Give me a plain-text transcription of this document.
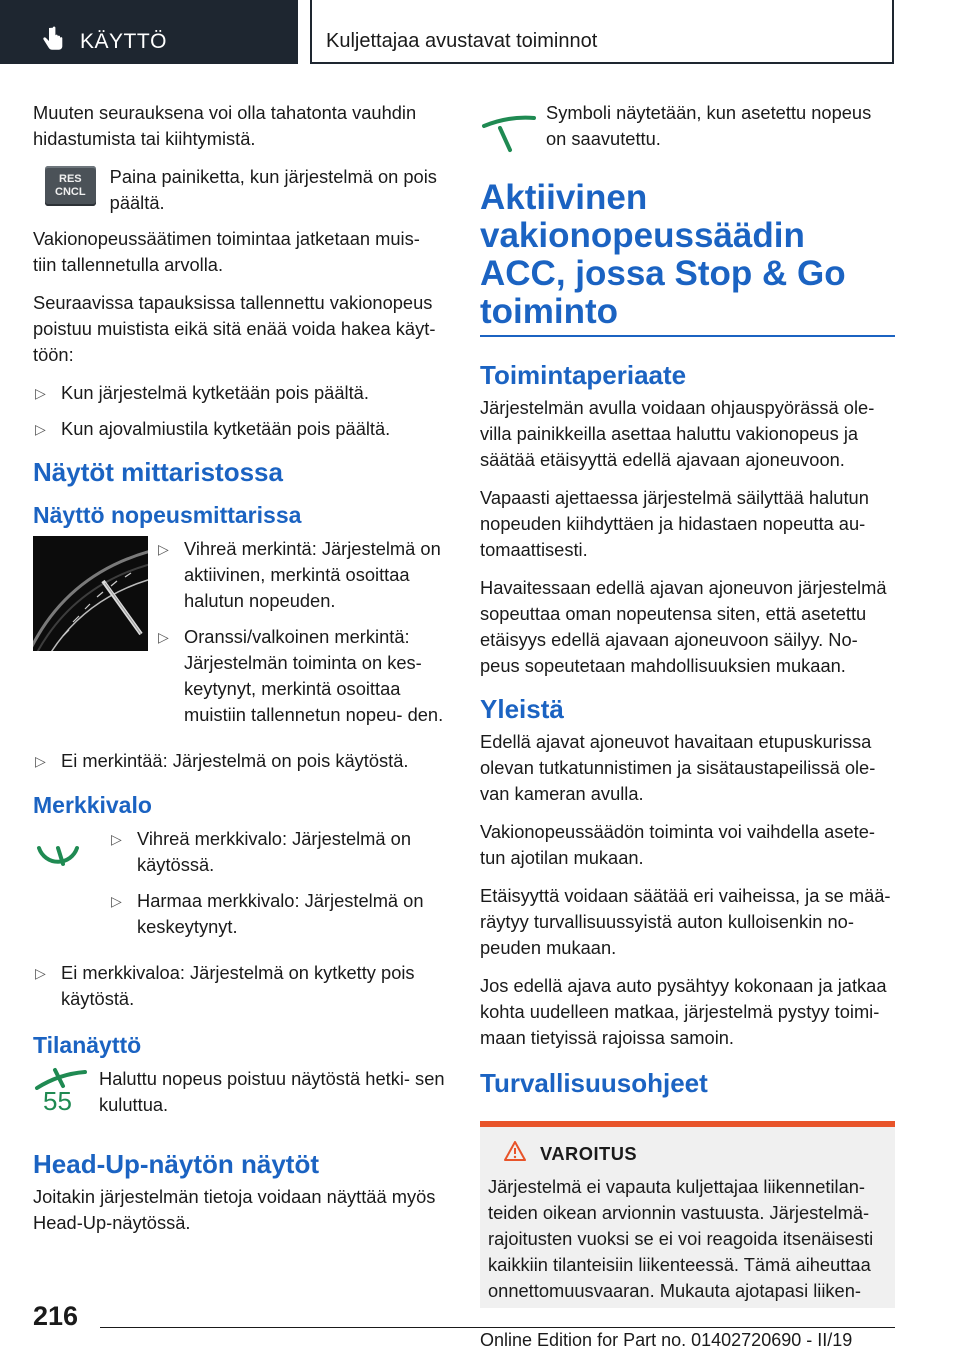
KÄYTTÖ	Kuljettajaa avustavat toiminnot

Muuten seurauksena voi olla tahatonta vauhdin hidastumista tai kiihtymistä.

RES
CNCL

Paina painiketta, kun järjestelmä on pois päältä.

Vakionopeussäätimen toimintaa jatketaan muis- tiin tallennetulla arvolla.

Seuraavissa tapauksissa tallennettu vakionopeus poistuu muistista eikä sitä enää voida hakea käyt- töön:

▷ Kun järjestelmä kytketään pois päältä.
▷ Kun ajovalmiustila kytketään pois päältä.
Näytöt mittaristossa
Näyttö nopeusmittarissa
▷ Vihreä merkintä: Järjestelmä on aktiivinen, merkintä osoittaa halutun nopeuden.
▷ Oranssi/valkoinen merkintä: Järjestelmän toiminta on kes- keytynyt, merkintä osoittaa muistiin tallennetun nopeu- den.
▷ Ei merkintää: Järjestelmä on pois käytöstä.
Merkkivalo
▷ Vihreä merkkivalo: Järjestelmä on käytössä.
▷ Harmaa merkkivalo: Järjestelmä on keskeytynyt.
▷ Ei merkkivaloa: Järjestelmä on kytketty pois käytöstä.
Tilanäyttö
55

Haluttu nopeus poistuu näytöstä hetki- sen kuluttua.

Head-Up-näytön näytöt

Joitakin järjestelmän tietoja voidaan näyttää myös Head-Up-näytössä.

Symboli näytetään, kun asetettu nopeus on saavutettu.

Aktiivinen vakionopeussäädin ACC, jossa Stop & Go toiminto
Toimintaperiaate

Järjestelmän avulla voidaan ohjauspyörässä ole- villa painikkeilla asettaa haluttu vakionopeus ja säätää etäisyyttä edellä ajavaan ajoneuvoon.

Vapaasti ajettaessa järjestelmä säilyttää halutun nopeuden kiihdyttäen ja hidastaen nopeutta au- tomaattisesti.

Havaitessaan edellä ajavan ajoneuvon järjestelmä sopeuttaa oman nopeutensa siten, että asetettu etäisyys edellä ajavaan ajoneuvoon säilyy. No- peus sopeutetaan mahdollisuuksien mukaan.

Yleistä

Edellä ajavat ajoneuvot havaitaan etupuskurissa olevan tutkatunnistimen ja sisätaustapeilissä ole- van kameran avulla.

Vakionopeussäädön toiminta voi vaihdella asete- tun ajotilan mukaan.

Etäisyyttä voidaan säätää eri vaiheissa, ja se mää- räytyy turvallisuussyistä auton kulloisenkin no- peuden mukaan.

Jos edellä ajava auto pysähtyy kokonaan ja jatkaa kohta uudelleen matkaa, järjestelmä pystyy toimi- maan tietyissä rajoissa samoin.

Turvallisuusohjeet
VAROITUS

Järjestelmä ei vapauta kuljettajaa liikennetilan- teiden oikean arvionnin vastuusta. Järjestelmä- rajoitusten vuoksi se ei voi reagoida itsenäisesti kaikkiin tilanteisiin liikenteessä. Tämä aiheuttaa onnettomuusvaaran. Mukauta ajotapasi liiken-

216
Online Edition for Part no. 01402720690 - II/19
